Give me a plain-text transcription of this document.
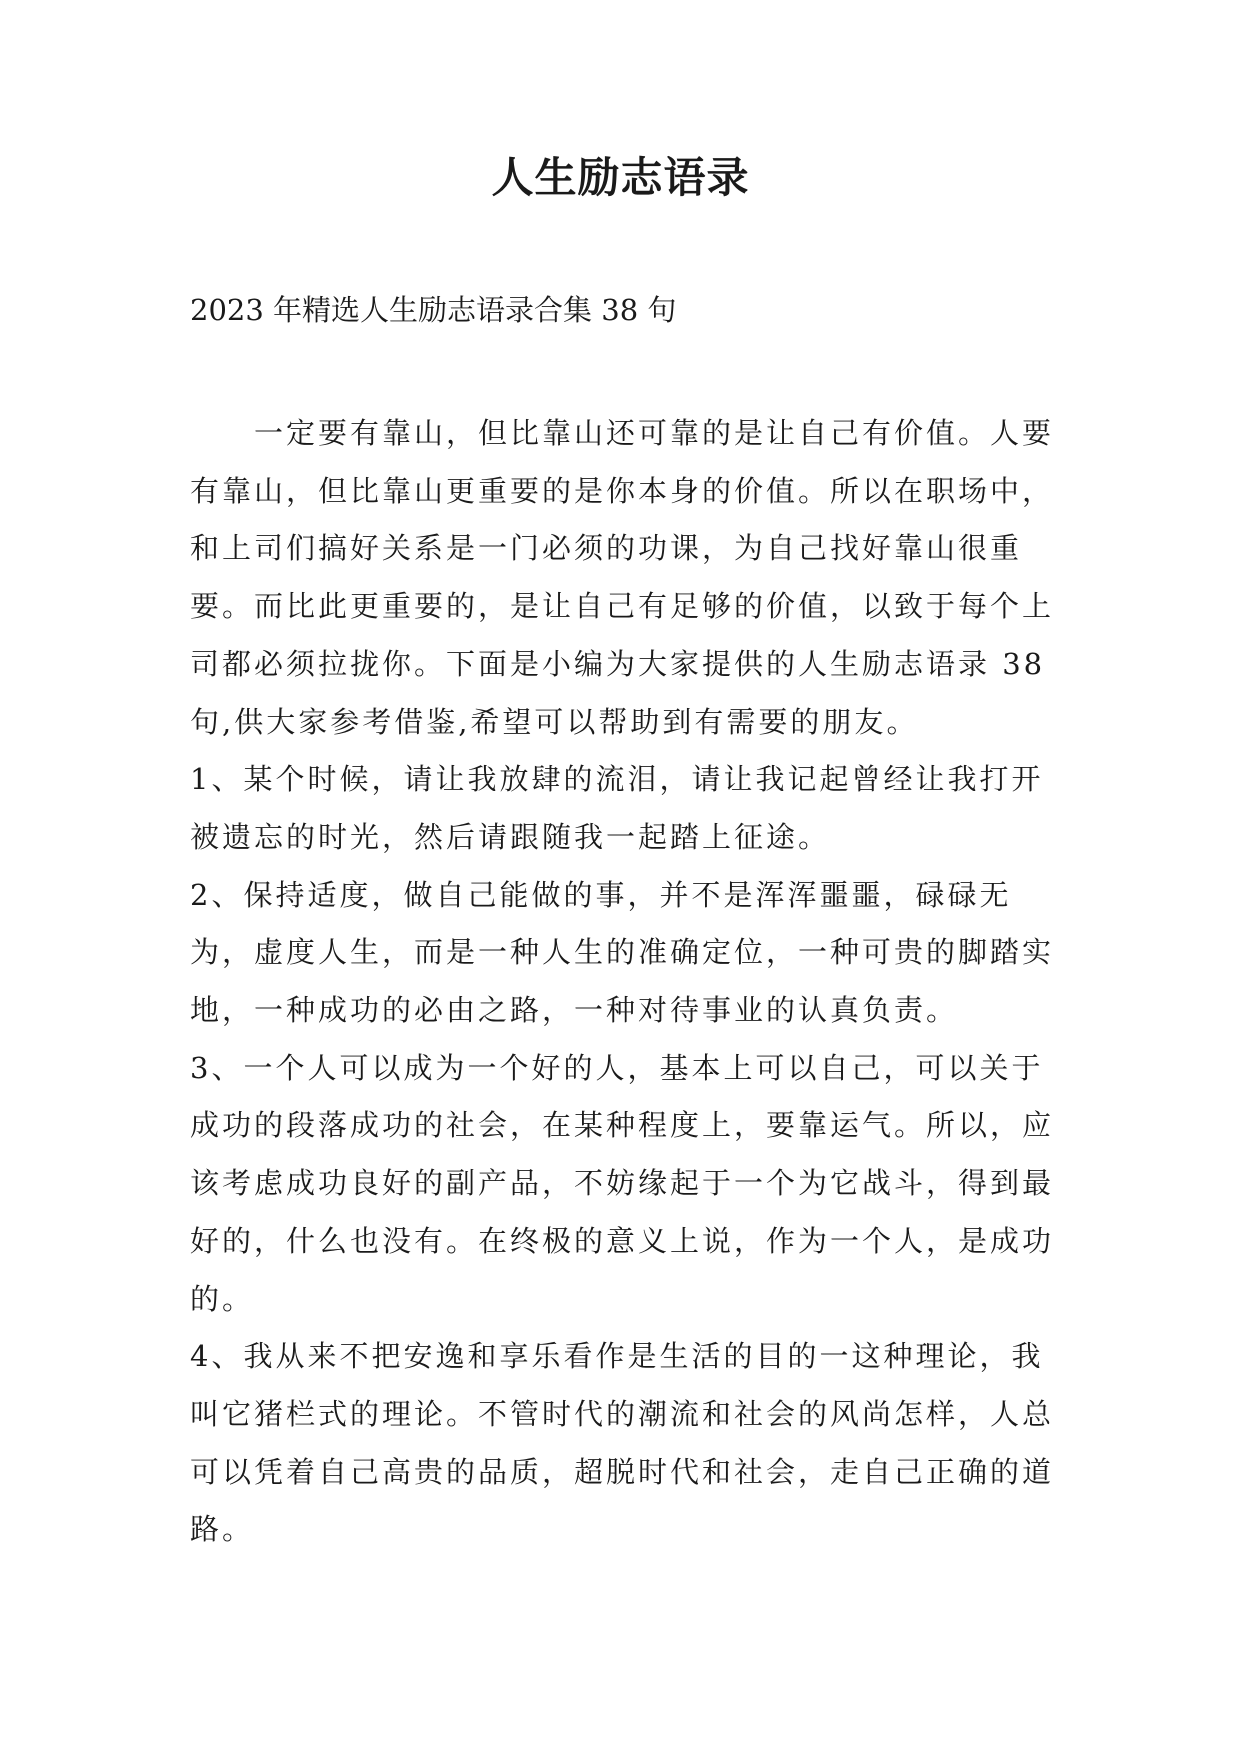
人生励志语录
2023 年精选人生励志语录合集 38 句

一定要有靠山，但比靠山还可靠的是让自己有价值。人要有靠山，但比靠山更重要的是你本身的价值。所以在职场中，和上司们搞好关系是一门必须的功课，为自己找好靠山很重要。而比此更重要的，是让自己有足够的价值，以致于每个上司都必须拉拢你。下面是小编为大家提供的人生励志语录 38 句,供大家参考借鉴,希望可以帮助到有需要的朋友。

1、某个时候，请让我放肆的流泪，请让我记起曾经让我打开被遗忘的时光，然后请跟随我一起踏上征途。

2、保持适度，做自己能做的事，并不是浑浑噩噩，碌碌无为，虚度人生，而是一种人生的准确定位，一种可贵的脚踏实地，一种成功的必由之路，一种对待事业的认真负责。

3、一个人可以成为一个好的人，基本上可以自己，可以关于成功的段落成功的社会，在某种程度上，要靠运气。所以，应该考虑成功良好的副产品，不妨缘起于一个为它战斗，得到最好的，什么也没有。在终极的意义上说，作为一个人，是成功的。

4、我从来不把安逸和享乐看作是生活的目的一这种理论，我叫它猪栏式的理论。不管时代的潮流和社会的风尚怎样，人总可以凭着自己高贵的品质，超脱时代和社会，走自己正确的道路。
